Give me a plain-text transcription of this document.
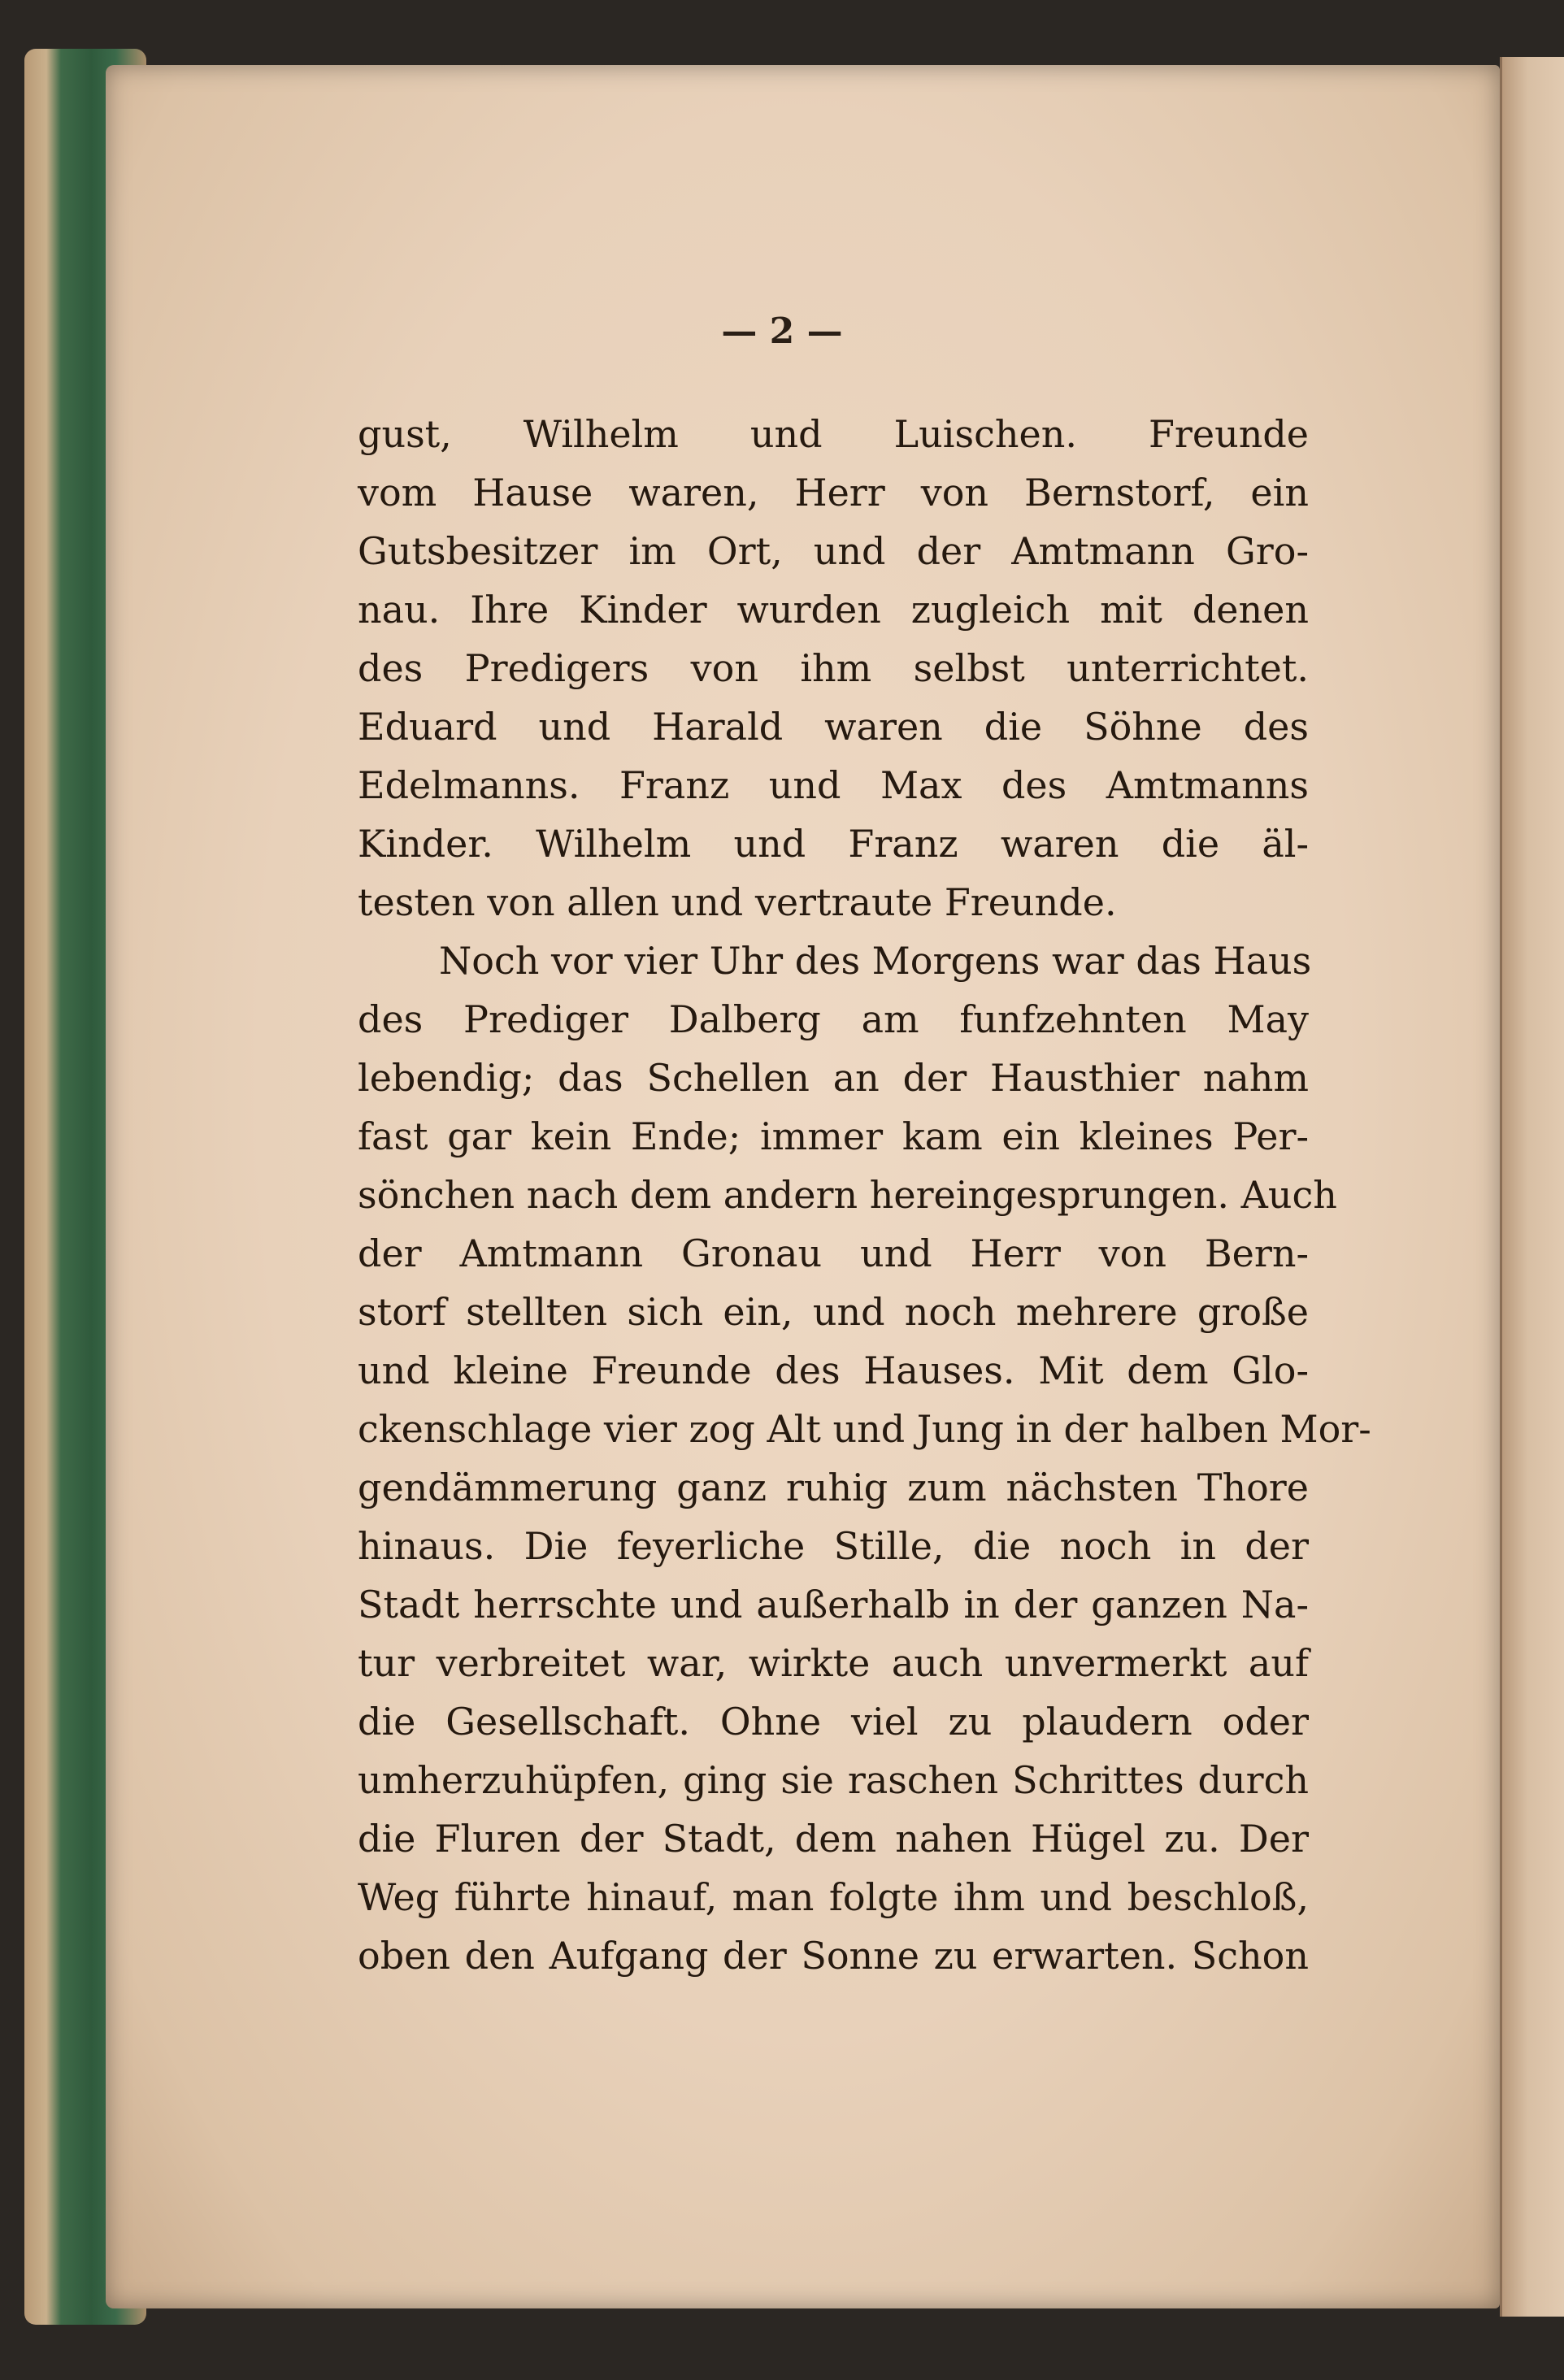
— 2 —
gust, Wilhelm und Luischen. Freunde
vom Hause waren, Herr von Bernstorf, ein
Gutsbesitzer im Ort, und der Amtmann Gro-
nau. Ihre Kinder wurden zugleich mit denen
des Predigers von ihm selbst unterrichtet.
Eduard und Harald waren die Söhne des
Edelmanns. Franz und Max des Amtmanns
Kinder. Wilhelm und Franz waren die äl-
testen von allen und vertraute Freunde.
Noch vor vier Uhr des Morgens war das Haus
des Prediger Dalberg am funfzehnten May
lebendig; das Schellen an der Hausthier nahm
fast gar kein Ende; immer kam ein kleines Per-
sönchen nach dem andern hereingesprungen. Auch
der Amtmann Gronau und Herr von Bern-
storf stellten sich ein, und noch mehrere große
und kleine Freunde des Hauses. Mit dem Glo-
ckenschlage vier zog Alt und Jung in der halben Mor-
gendämmerung ganz ruhig zum nächsten Thore
hinaus. Die feyerliche Stille, die noch in der
Stadt herrschte und außerhalb in der ganzen Na-
tur verbreitet war, wirkte auch unvermerkt auf
die Gesellschaft. Ohne viel zu plaudern oder
umherzuhüpfen, ging sie raschen Schrittes durch
die Fluren der Stadt, dem nahen Hügel zu. Der
Weg führte hinauf, man folgte ihm und beschloß,
oben den Aufgang der Sonne zu erwarten. Schon
